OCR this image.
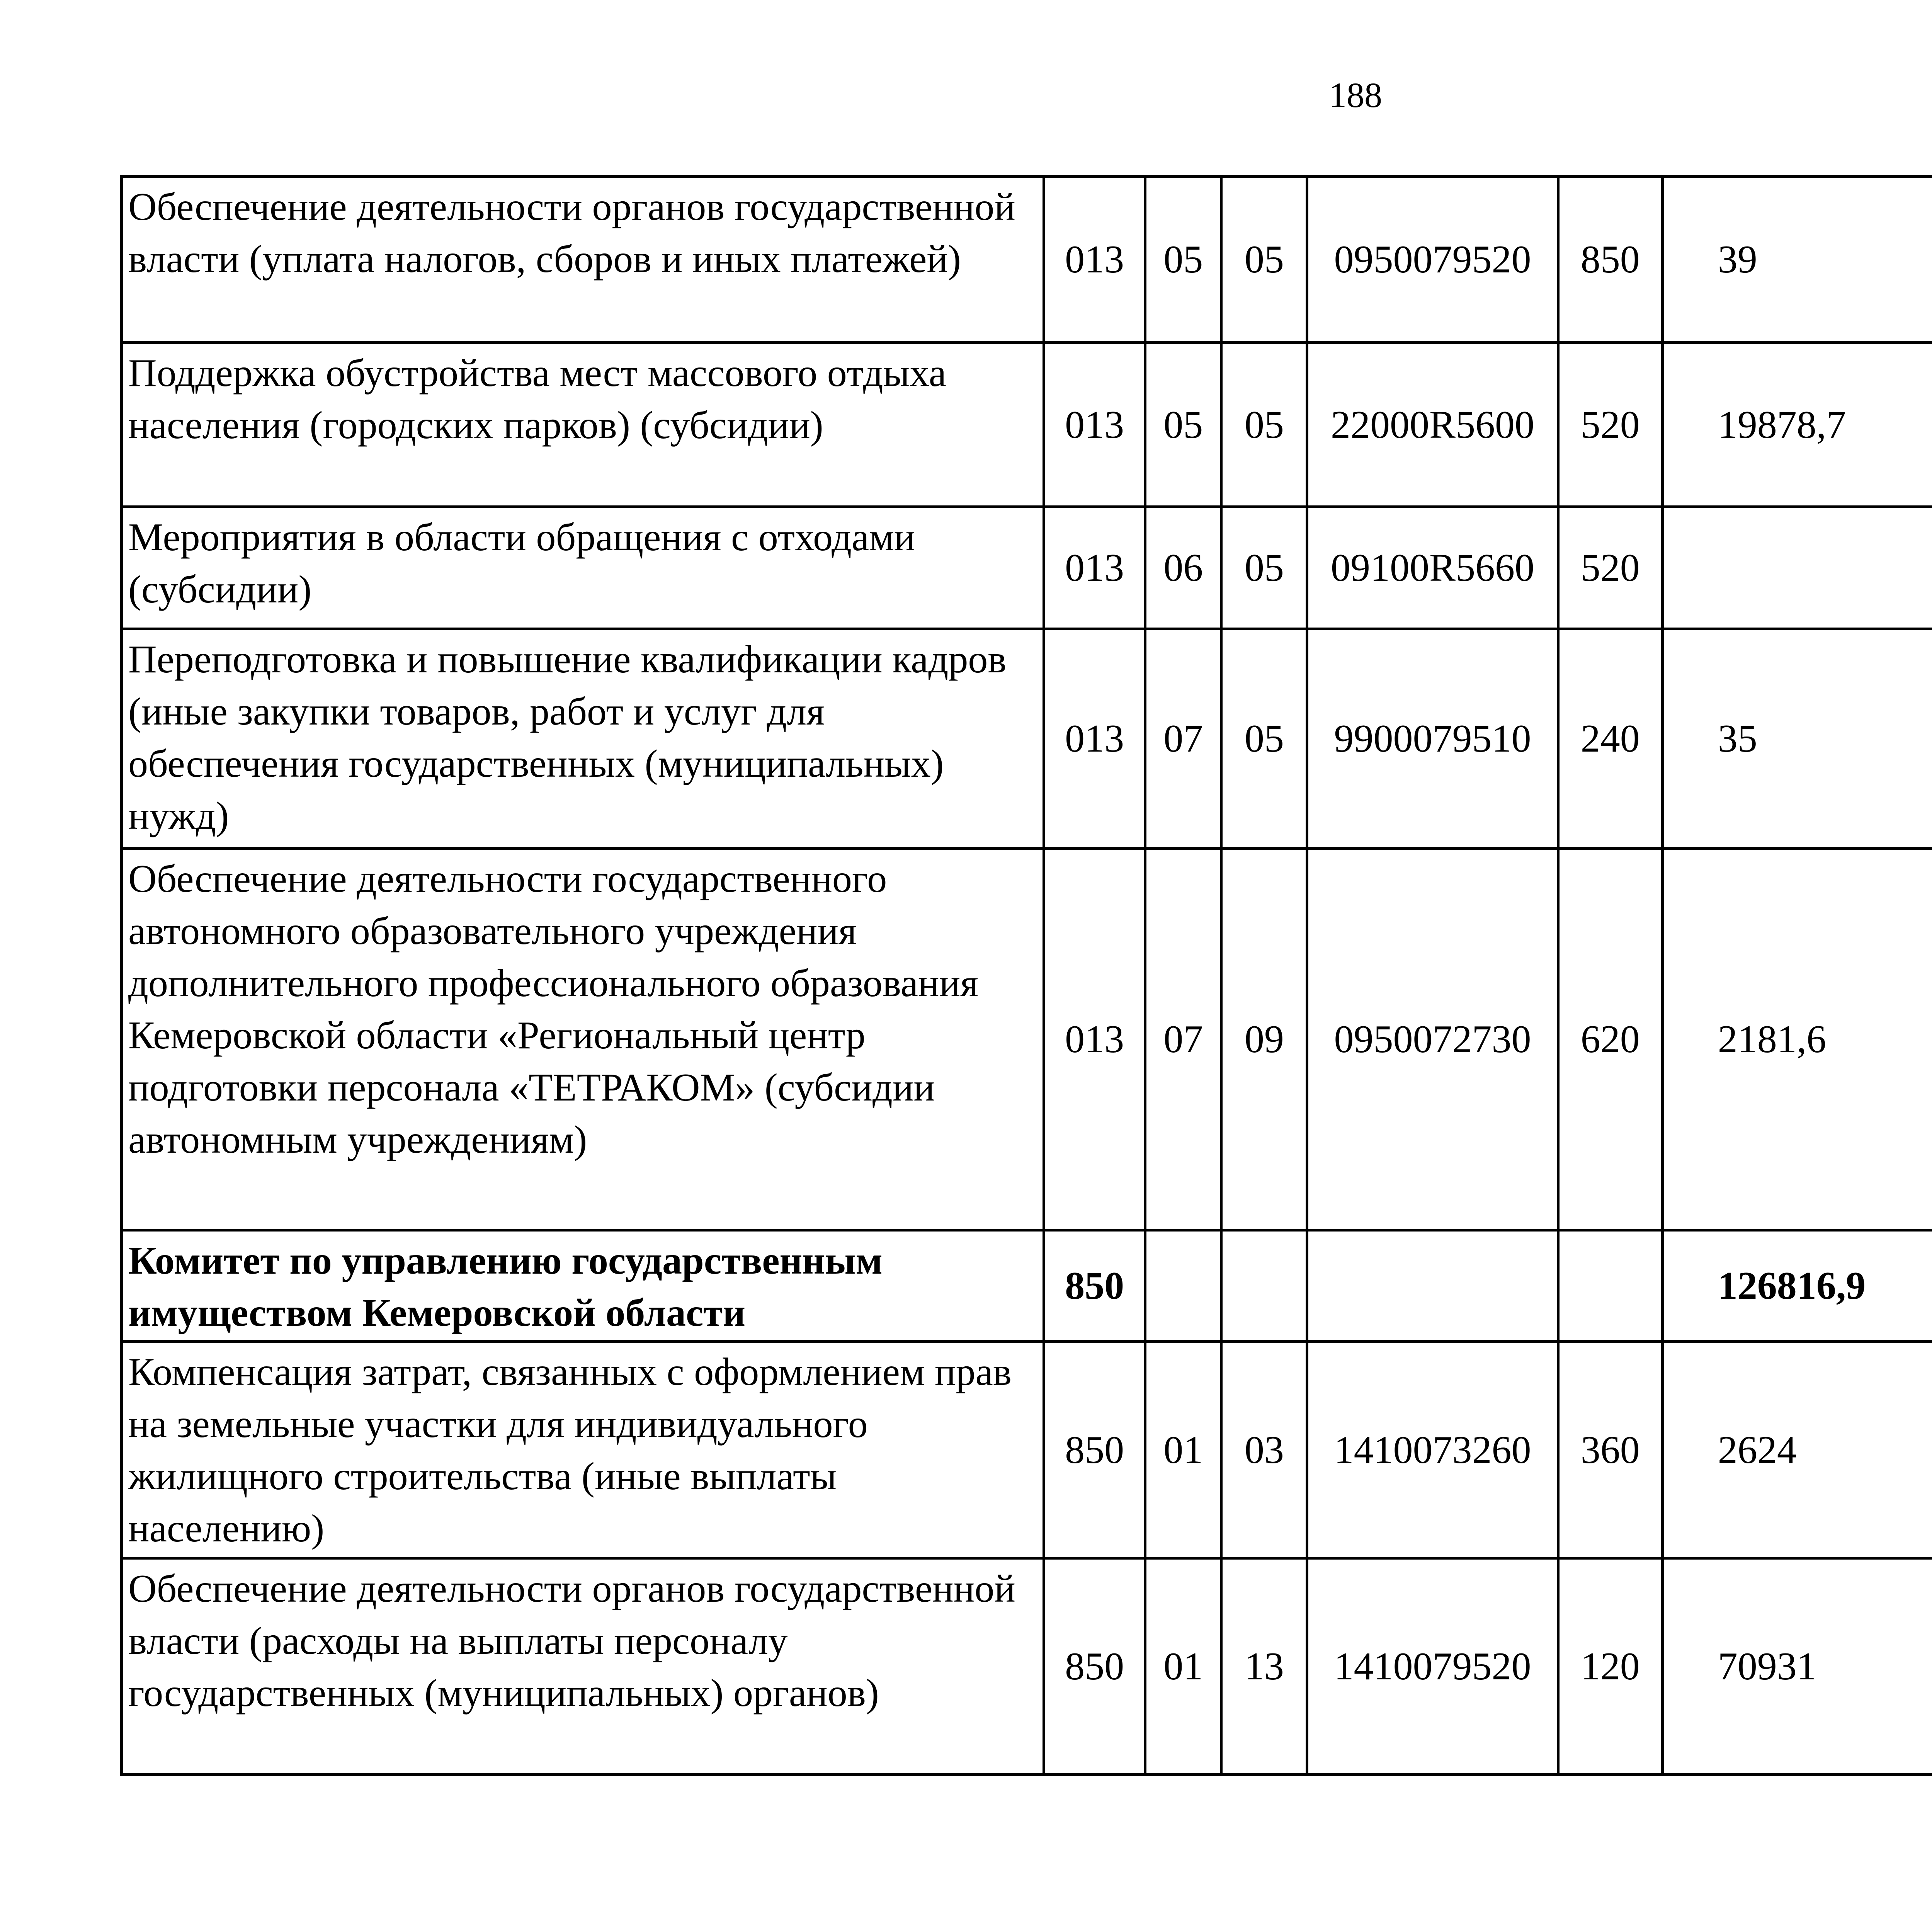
188
Обеспечение деятельности органов государственной власти (уплата налогов, сборов и иных платежей)	013	05	05	0950079520	850	39		
Поддержка обустройства мест массового отдыха населения (городских парков) (субсидии)	013	05	05	22000R5600	520	19878,7		
Мероприятия в области обращения с отходами (субсидии)	013	06	05	09100R5660	520			
Переподготовка и повышение квалификации кадров (иные закупки товаров, работ и услуг для обеспечения государственных (муниципальных) нужд)	013	07	05	9900079510	240	35		
Обеспечение деятельности государственного автономного образовательного учреждения дополнительного профессионального образования Кемеровской области «Региональный центр подготовки персонала «ТЕТРАКОМ» (субсидии автономным учреждениям)	013	07	09	0950072730	620	2181,6		
Комитет по управлению государственным имуществом Кемеровской области	850					126816,9		
Компенсация затрат, связанных с оформлением прав на земельные участки для индивидуального жилищного строительства (иные выплаты населению)	850	01	03	1410073260	360	2624		
Обеспечение деятельности органов государственной власти (расходы на выплаты персоналу государственных (муниципальных) органов)	850	01	13	1410079520	120	70931		
